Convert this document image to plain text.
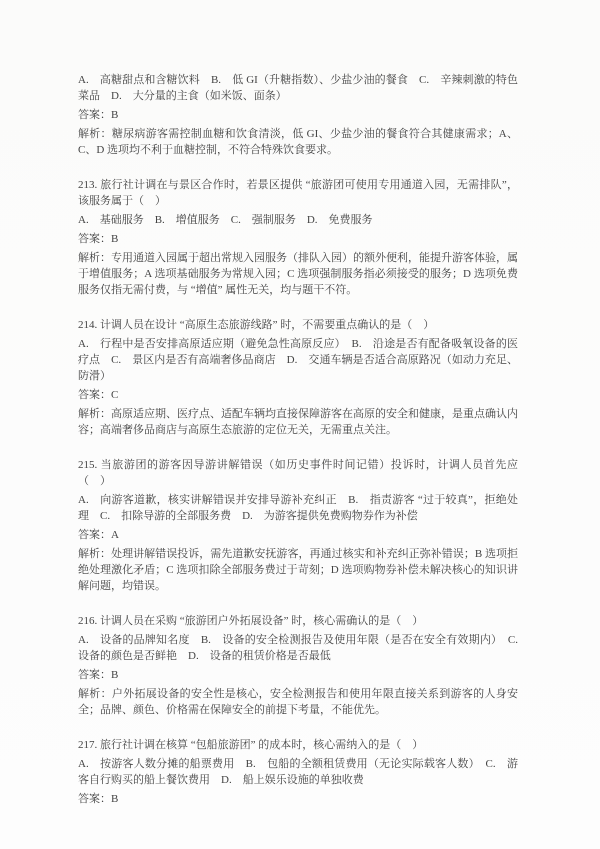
A.　高糖甜点和含糖饮料　B.　低 GI（升糖指数）、少盐少油的餐食　C.　辛辣刺激的特色菜品　D.　大分量的主食（如米饭、面条）

答案：B

解析：糖尿病游客需控制血糖和饮食清淡，低 GI、少盐少油的餐食符合其健康需求；A、C、D 选项均不利于血糖控制，不符合特殊饮食要求。

213. 旅行社计调在与景区合作时，若景区提供 “旅游团可使用专用通道入园，无需排队”，该服务属于（　）

A.　基础服务　B.　增值服务　C.　强制服务　D.　免费服务

答案：B

解析：专用通道入园属于超出常规入园服务（排队入园）的额外便利，能提升游客体验，属于增值服务；A 选项基础服务为常规入园；C 选项强制服务指必须接受的服务；D 选项免费服务仅指无需付费，与 “增值” 属性无关，均与题干不符。

214. 计调人员在设计 “高原生态旅游线路” 时，不需要重点确认的是（　）

A.　行程中是否安排高原适应期（避免急性高原反应）　B.　沿途是否有配备吸氧设备的医疗点　C.　景区内是否有高端奢侈品商店　D.　交通车辆是否适合高原路况（如动力充足、防滑）

答案：C

解析：高原适应期、医疗点、适配车辆均直接保障游客在高原的安全和健康，是重点确认内容；高端奢侈品商店与高原生态旅游的定位无关，无需重点关注。

215. 当旅游团的游客因导游讲解错误（如历史事件时间记错）投诉时，计调人员首先应（　）

A.　向游客道歉，核实讲解错误并安排导游补充纠正　B.　指责游客 “过于较真”，拒绝处理　C.　扣除导游的全部服务费　D.　为游客提供免费购物券作为补偿

答案：A

解析：处理讲解错误投诉，需先道歉安抚游客，再通过核实和补充纠正弥补错误；B 选项拒绝处理激化矛盾；C 选项扣除全部服务费过于苛刻；D 选项购物券补偿未解决核心的知识讲解问题，均错误。

216. 计调人员在采购 “旅游团户外拓展设备” 时，核心需确认的是（　）

A.　设备的品牌知名度　B.　设备的安全检测报告及使用年限（是否在安全有效期内）　C.　设备的颜色是否鲜艳　D.　设备的租赁价格是否最低

答案：B

解析：户外拓展设备的安全性是核心，安全检测报告和使用年限直接关系到游客的人身安全；品牌、颜色、价格需在保障安全的前提下考量，不能优先。

217. 旅行社计调在核算 “包船旅游团” 的成本时，核心需纳入的是（　）

A.　按游客人数分摊的船票费用　B.　包船的全额租赁费用（无论实际载客人数）　C.　游客自行购买的船上餐饮费用　D.　船上娱乐设施的单独收费

答案：B
